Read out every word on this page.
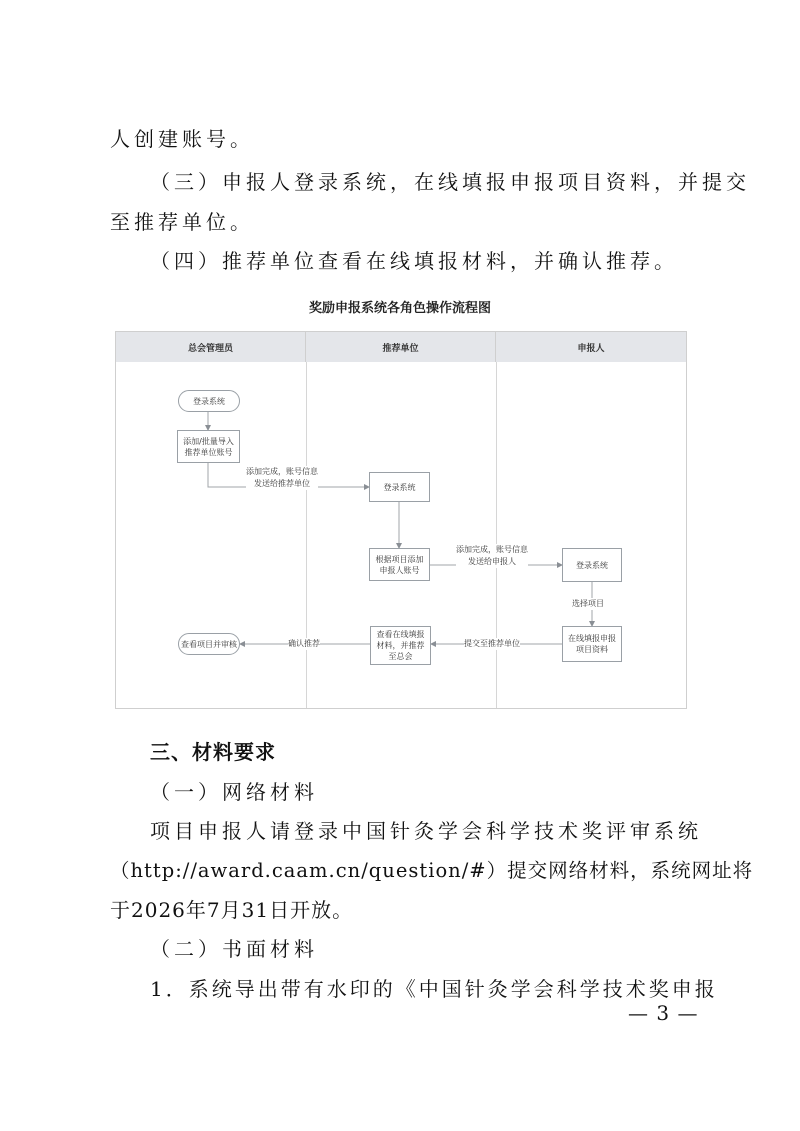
人创建账号。
（三）申报人登录系统，在线填报申报项目资料，并提交
至推荐单位。
（四）推荐单位查看在线填报材料，并确认推荐。
奖励申报系统各角色操作流程图
总会管理员	推荐单位	申报人
登录系统
添加/批量导入推荐单位账号
登录系统
根据项目添加申报人账号
登录系统
在线填报申报项目资料
查看在线填报材料，并推荐至总会
查看项目并审核
添加完成，账号信息
发送给推荐单位
添加完成，账号信息
发送给申报人
选择项目
提交至推荐单位
确认推荐
三、材料要求
（一）网络材料
项目申报人请登录中国针灸学会科学技术奖评审系统
（http://award.caam.cn/question/#）提交网络材料，系统网址将
于2026年7月31日开放。
（二）书面材料
1．系统导出带有水印的《中国针灸学会科学技术奖申报
— 3 —
